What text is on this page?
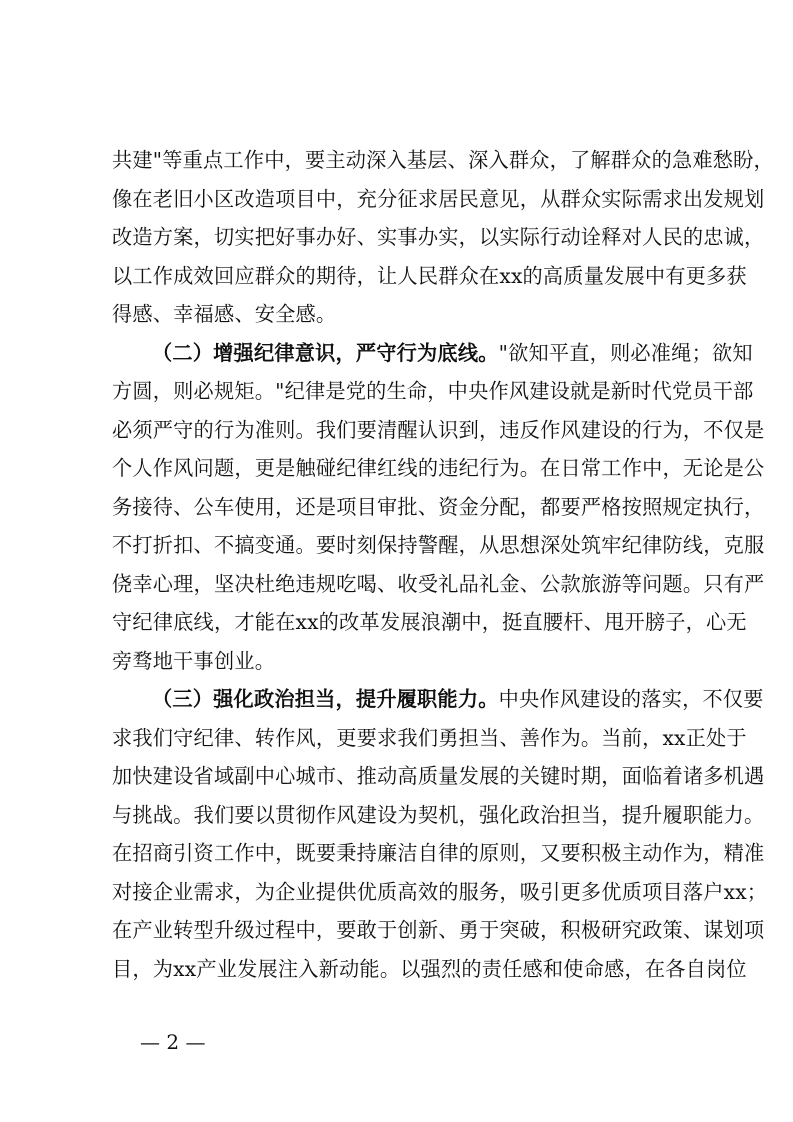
共建"等重点工作中，要主动深入基层、深入群众，了解群众的急难愁盼，
像在老旧小区改造项目中，充分征求居民意见，从群众实际需求出发规划
改造方案，切实把好事办好、实事办实，以实际行动诠释对人民的忠诚，
以工作成效回应群众的期待，让人民群众在xx的高质量发展中有更多获
得感、幸福感、安全感。
（二）增强纪律意识，严守行为底线。"欲知平直，则必准绳；欲知
方圆，则必规矩。"纪律是党的生命，中央作风建设就是新时代党员干部
必须严守的行为准则。我们要清醒认识到，违反作风建设的行为，不仅是
个人作风问题，更是触碰纪律红线的违纪行为。在日常工作中，无论是公
务接待、公车使用，还是项目审批、资金分配，都要严格按照规定执行，
不打折扣、不搞变通。要时刻保持警醒，从思想深处筑牢纪律防线，克服
侥幸心理，坚决杜绝违规吃喝、收受礼品礼金、公款旅游等问题。只有严
守纪律底线，才能在xx的改革发展浪潮中，挺直腰杆、甩开膀子，心无
旁骛地干事创业。
（三）强化政治担当，提升履职能力。中央作风建设的落实，不仅要
求我们守纪律、转作风，更要求我们勇担当、善作为。当前，xx正处于
加快建设省域副中心城市、推动高质量发展的关键时期，面临着诸多机遇
与挑战。我们要以贯彻作风建设为契机，强化政治担当，提升履职能力。
在招商引资工作中，既要秉持廉洁自律的原则，又要积极主动作为，精准
对接企业需求，为企业提供优质高效的服务，吸引更多优质项目落户xx；
在产业转型升级过程中，要敢于创新、勇于突破，积极研究政策、谋划项
目，为xx产业发展注入新动能。以强烈的责任感和使命感，在各自岗位
— 2 —
